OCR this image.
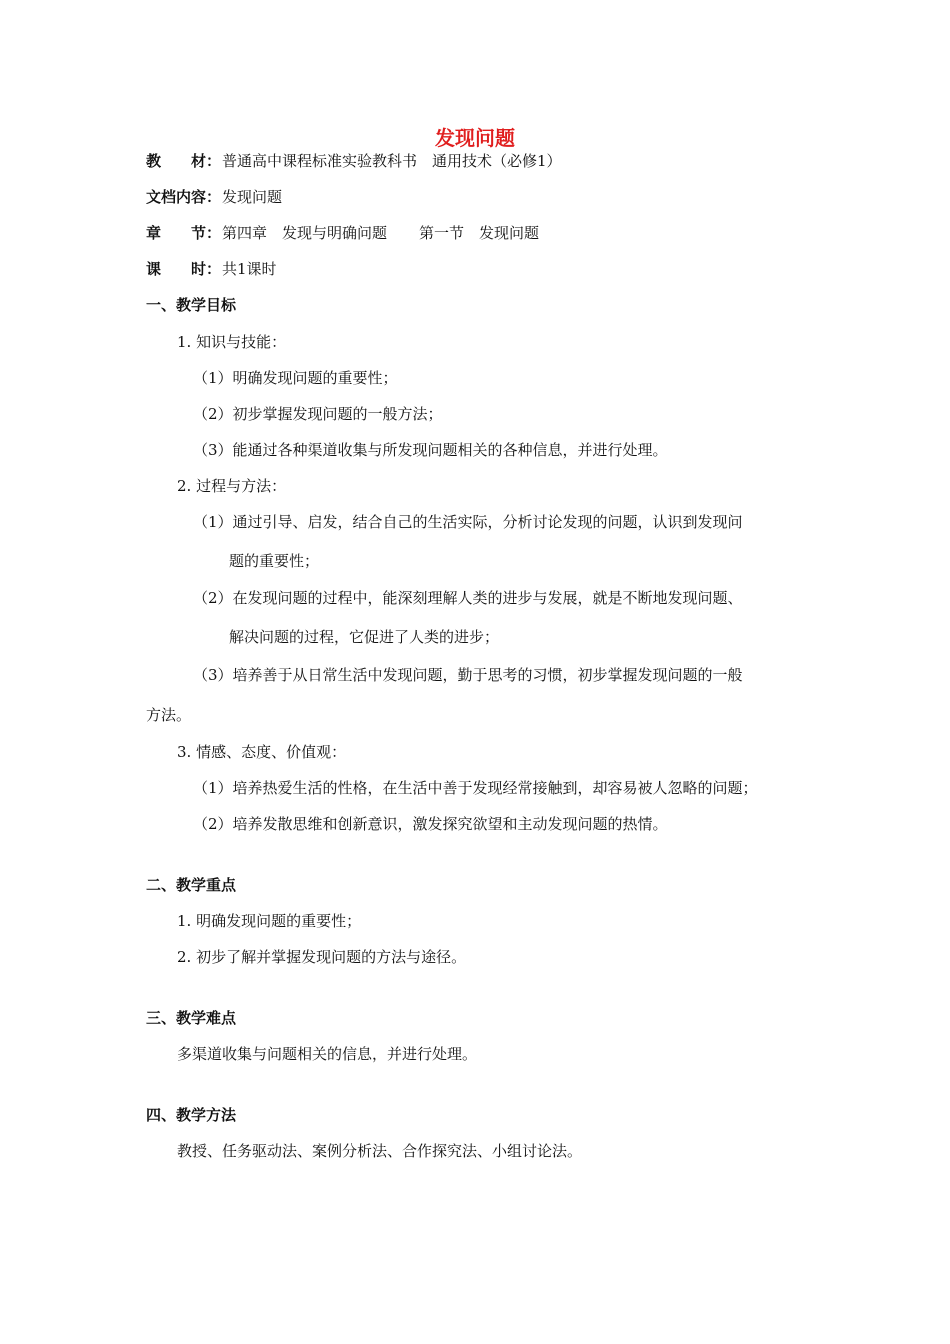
发现问题
教　　材：普通高中课程标准实验教科书　通用技术（必修1）
文档内容：发现问题
章　　节：第四章　发现与明确问题 第一节　发现问题
课　　时：共1课时
一、教学目标
1. 知识与技能：
（1）明确发现问题的重要性；
（2）初步掌握发现问题的一般方法；
（3）能通过各种渠道收集与所发现问题相关的各种信息，并进行处理。
2. 过程与方法：
（1）通过引导、启发，结合自己的生活实际，分析讨论发现的问题，认识到发现问
题的重要性；
（2）在发现问题的过程中，能深刻理解人类的进步与发展，就是不断地发现问题、
解决问题的过程，它促进了人类的进步；
（3）培养善于从日常生活中发现问题，勤于思考的习惯，初步掌握发现问题的一般
方法。
3. 情感、态度、价值观：
（1）培养热爱生活的性格，在生活中善于发现经常接触到，却容易被人忽略的问题；
（2）培养发散思维和创新意识，激发探究欲望和主动发现问题的热情。
二、教学重点
1. 明确发现问题的重要性；
2. 初步了解并掌握发现问题的方法与途径。
三、教学难点
多渠道收集与问题相关的信息，并进行处理。
四、教学方法
教授、任务驱动法、案例分析法、合作探究法、小组讨论法。
